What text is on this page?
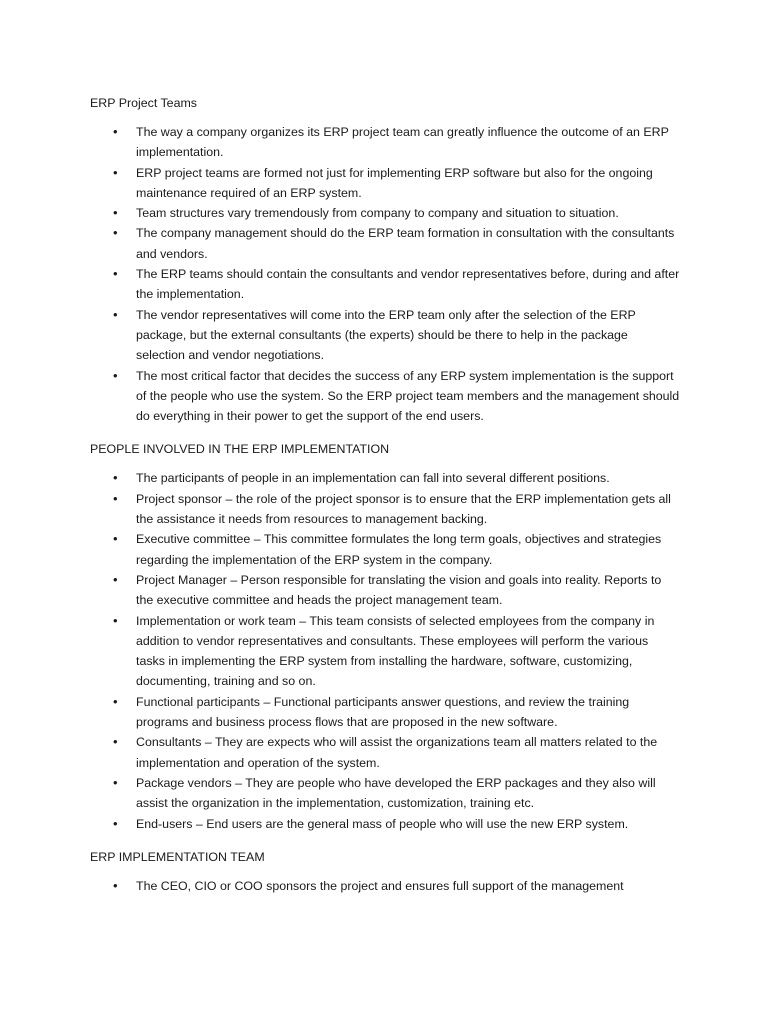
ERP Project Teams
• The way a company organizes its ERP project team can greatly influence the outcome of an ERP implementation.
• ERP project teams are formed not just for implementing ERP software but also for the ongoing maintenance required of an ERP system.
• Team structures vary tremendously from company to company and situation to situation.
• The company management should do the ERP team formation in consultation with the consultants and vendors.
• The ERP teams should contain the consultants and vendor representatives before, during and after the implementation.
• The vendor representatives will come into the ERP team only after the selection of the ERP package, but the external consultants (the experts) should be there to help in the package selection and vendor negotiations.
• The most critical factor that decides the success of any ERP system implementation is the support of the people who use the system. So the ERP project team members and the management should do everything in their power to get the support of the end users.
PEOPLE INVOLVED IN THE ERP IMPLEMENTATION
• The participants of people in an implementation can fall into several different positions.
• Project sponsor – the role of the project sponsor is to ensure that the ERP implementation gets all the assistance it needs from resources to management backing.
• Executive committee – This committee formulates the long term goals, objectives and strategies regarding the implementation of the ERP system in the company.
• Project Manager – Person responsible for translating the vision and goals into reality. Reports to the executive committee and heads the project management team.
• Implementation or work team – This team consists of selected employees from the company in addition to vendor representatives and consultants. These employees will perform the various tasks in implementing the ERP system from installing the hardware, software, customizing, documenting, training and so on.
• Functional participants – Functional participants answer questions, and review the training programs and business process flows that are proposed in the new software.
• Consultants – They are expects who will assist the organizations team all matters related to the implementation and operation of the system.
• Package vendors – They are people who have developed the ERP packages and they also will assist the organization in the implementation, customization, training etc.
• End-users – End users are the general mass of people who will use the new ERP system.
ERP IMPLEMENTATION TEAM
• The CEO, CIO or COO sponsors the project and ensures full support of the management
